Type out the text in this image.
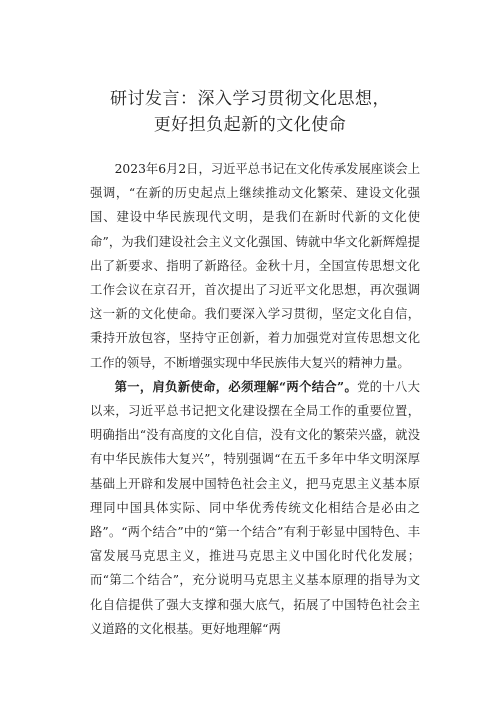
研讨发言：深入学习贯彻文化思想，
更好担负起新的文化使命

2023年6月2日，习近平总书记在文化传承发展座谈会上强调，“在新的历史起点上继续推动文化繁荣、建设文化强国、建设中华民族现代文明，是我们在新时代新的文化使命”，为我们建设社会主义文化强国、铸就中华文化新辉煌提出了新要求、指明了新路径。金秋十月，全国宣传思想文化工作会议在京召开，首次提出了习近平文化思想，再次强调这一新的文化使命。我们要深入学习贯彻，坚定文化自信，秉持开放包容，坚持守正创新，着力加强党对宣传思想文化工作的领导，不断增强实现中华民族伟大复兴的精神力量。

第一，肩负新使命，必须理解“两个结合”。党的十八大以来，习近平总书记把文化建设摆在全局工作的重要位置，明确指出“没有高度的文化自信，没有文化的繁荣兴盛，就没有中华民族伟大复兴”，特别强调“在五千多年中华文明深厚基础上开辟和发展中国特色社会主义，把马克思主义基本原理同中国具体实际、同中华优秀传统文化相结合是必由之路”。“两个结合”中的“第一个结合”有利于彰显中国特色、丰富发展马克思主义，推进马克思主义中国化时代化发展；而“第二个结合”，充分说明马克思主义基本原理的指导为文化自信提供了强大支撑和强大底气，拓展了中国特色社会主义道路的文化根基。更好地理解“两
